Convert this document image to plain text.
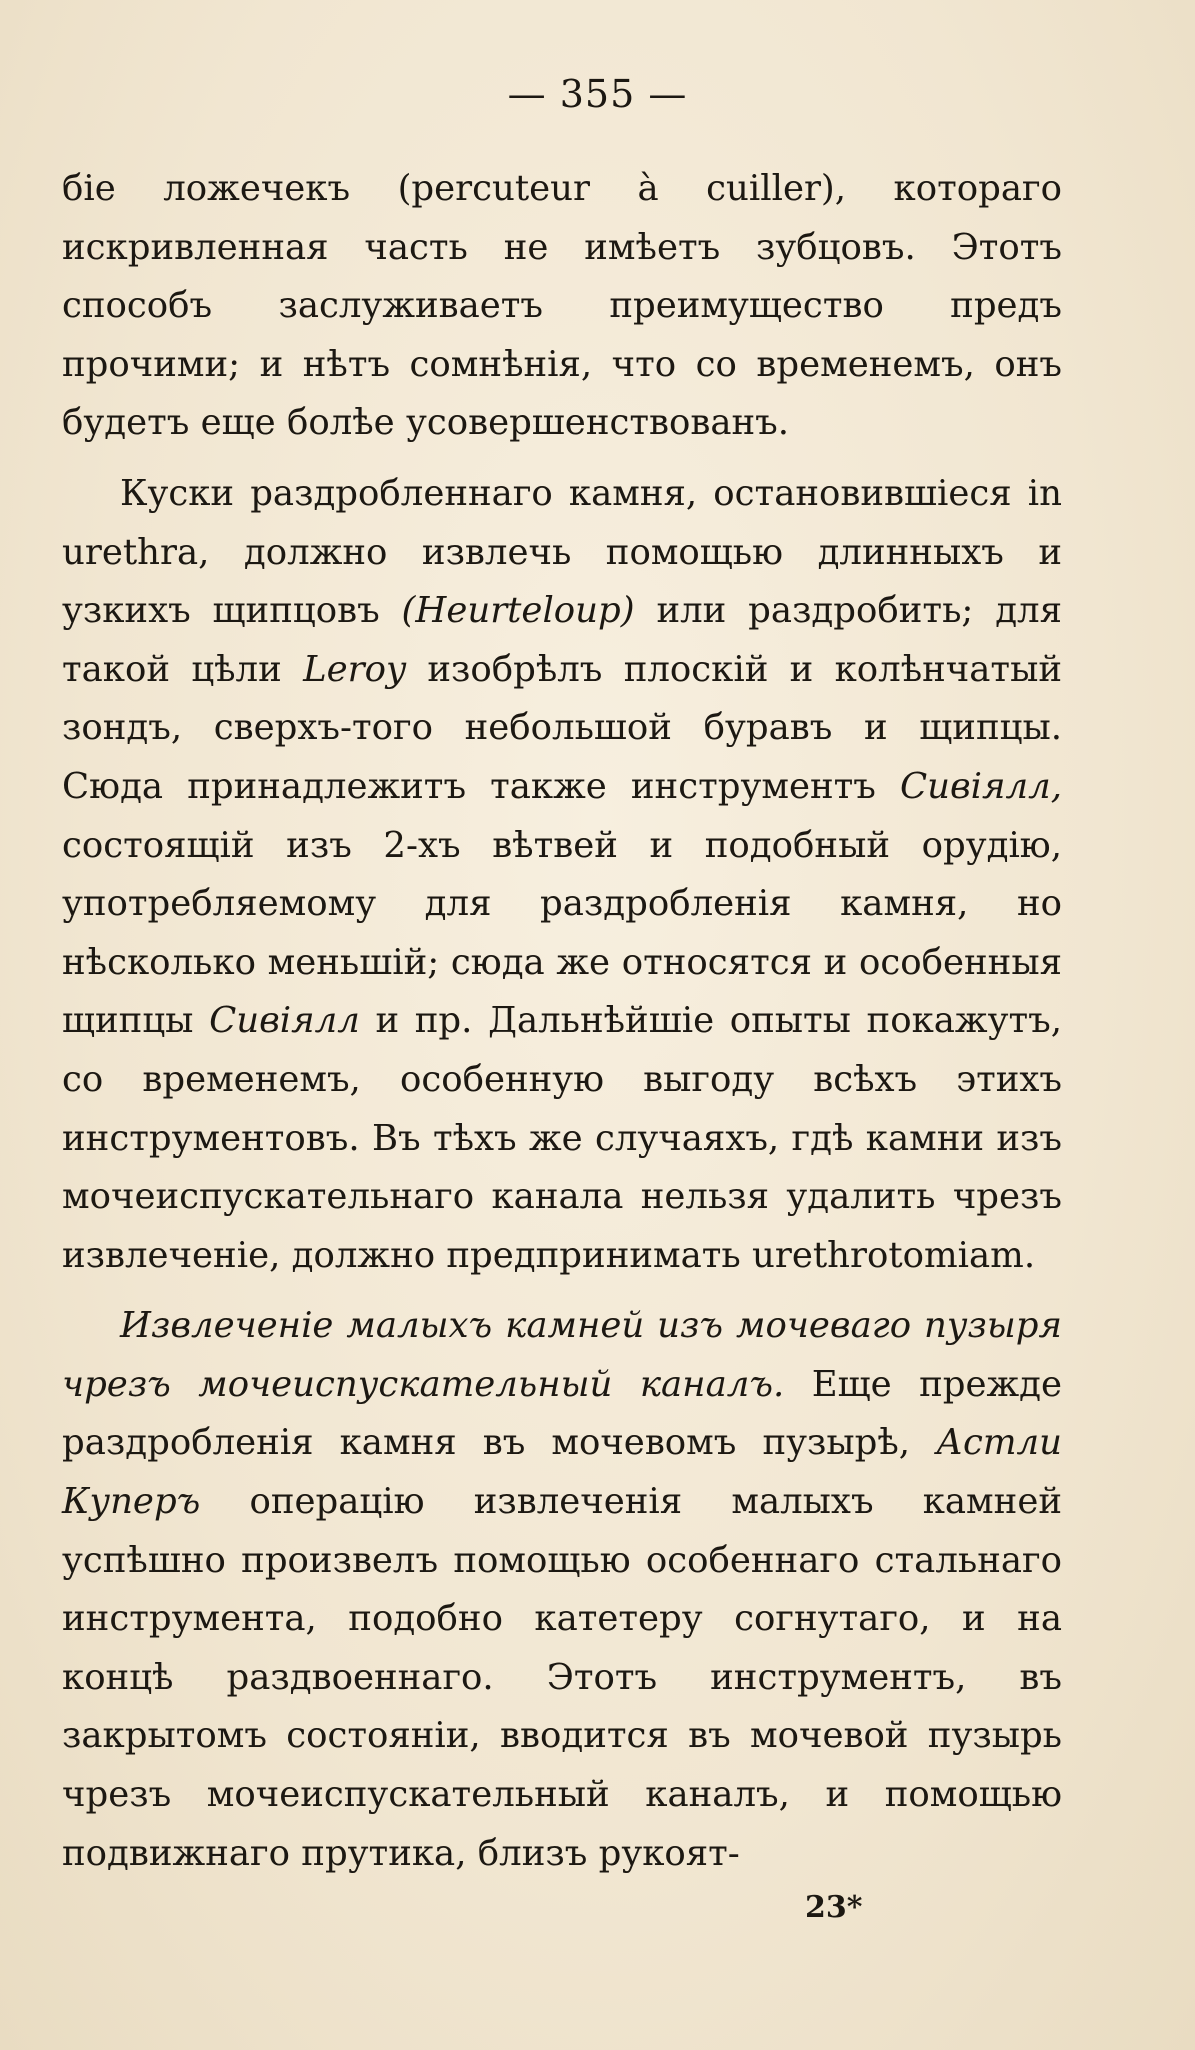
— 355 —

біе ложечекъ (percuteur à cuiller), котораго искривленная часть не имѣетъ зубцовъ. Этотъ способъ заслуживаетъ преимущество предъ прочими; и нѣтъ сомнѣнія, что со временемъ, онъ будетъ еще болѣе усовершенствованъ.

Куски раздробленнаго камня, остановившіеся in urethra, должно извлечь помощью длинныхъ и узкихъ щипцовъ (Heurteloup) или раздробить; для такой цѣли Leroy изобрѣлъ плоскій и колѣнчатый зондъ, сверхъ-того небольшой буравъ и щипцы. Сюда принадлежитъ также инструментъ Сивіялл, состоящій изъ 2-хъ вѣтвей и подобный орудію, употребляемому для раздробленія камня, но нѣсколько меньшій; сюда же относятся и особенныя щипцы Сивіялл и пр. Дальнѣйшіе опыты покажутъ, со временемъ, особенную выгоду всѣхъ этихъ инструментовъ. Въ тѣхъ же случаяхъ, гдѣ камни изъ мочеиспускательнаго канала нельзя удалить чрезъ извлеченіе, должно предпринимать urethrotomiam.

Извлеченіе малыхъ камней изъ мочеваго пузыря чрезъ мочеиспускательный каналъ. Еще прежде раздробленія камня въ мочевомъ пузырѣ, Астли Куперъ операцію извлеченія малыхъ камней успѣшно произвелъ помощью особеннаго стальнаго инструмента, подобно катетеру согнутаго, и на концѣ раздвоеннаго. Этотъ инструментъ, въ закрытомъ состояніи, вводится въ мочевой пузырь чрезъ мочеиспускательный каналъ, и помощью подвижнаго прутика, близъ рукоят-

23*
